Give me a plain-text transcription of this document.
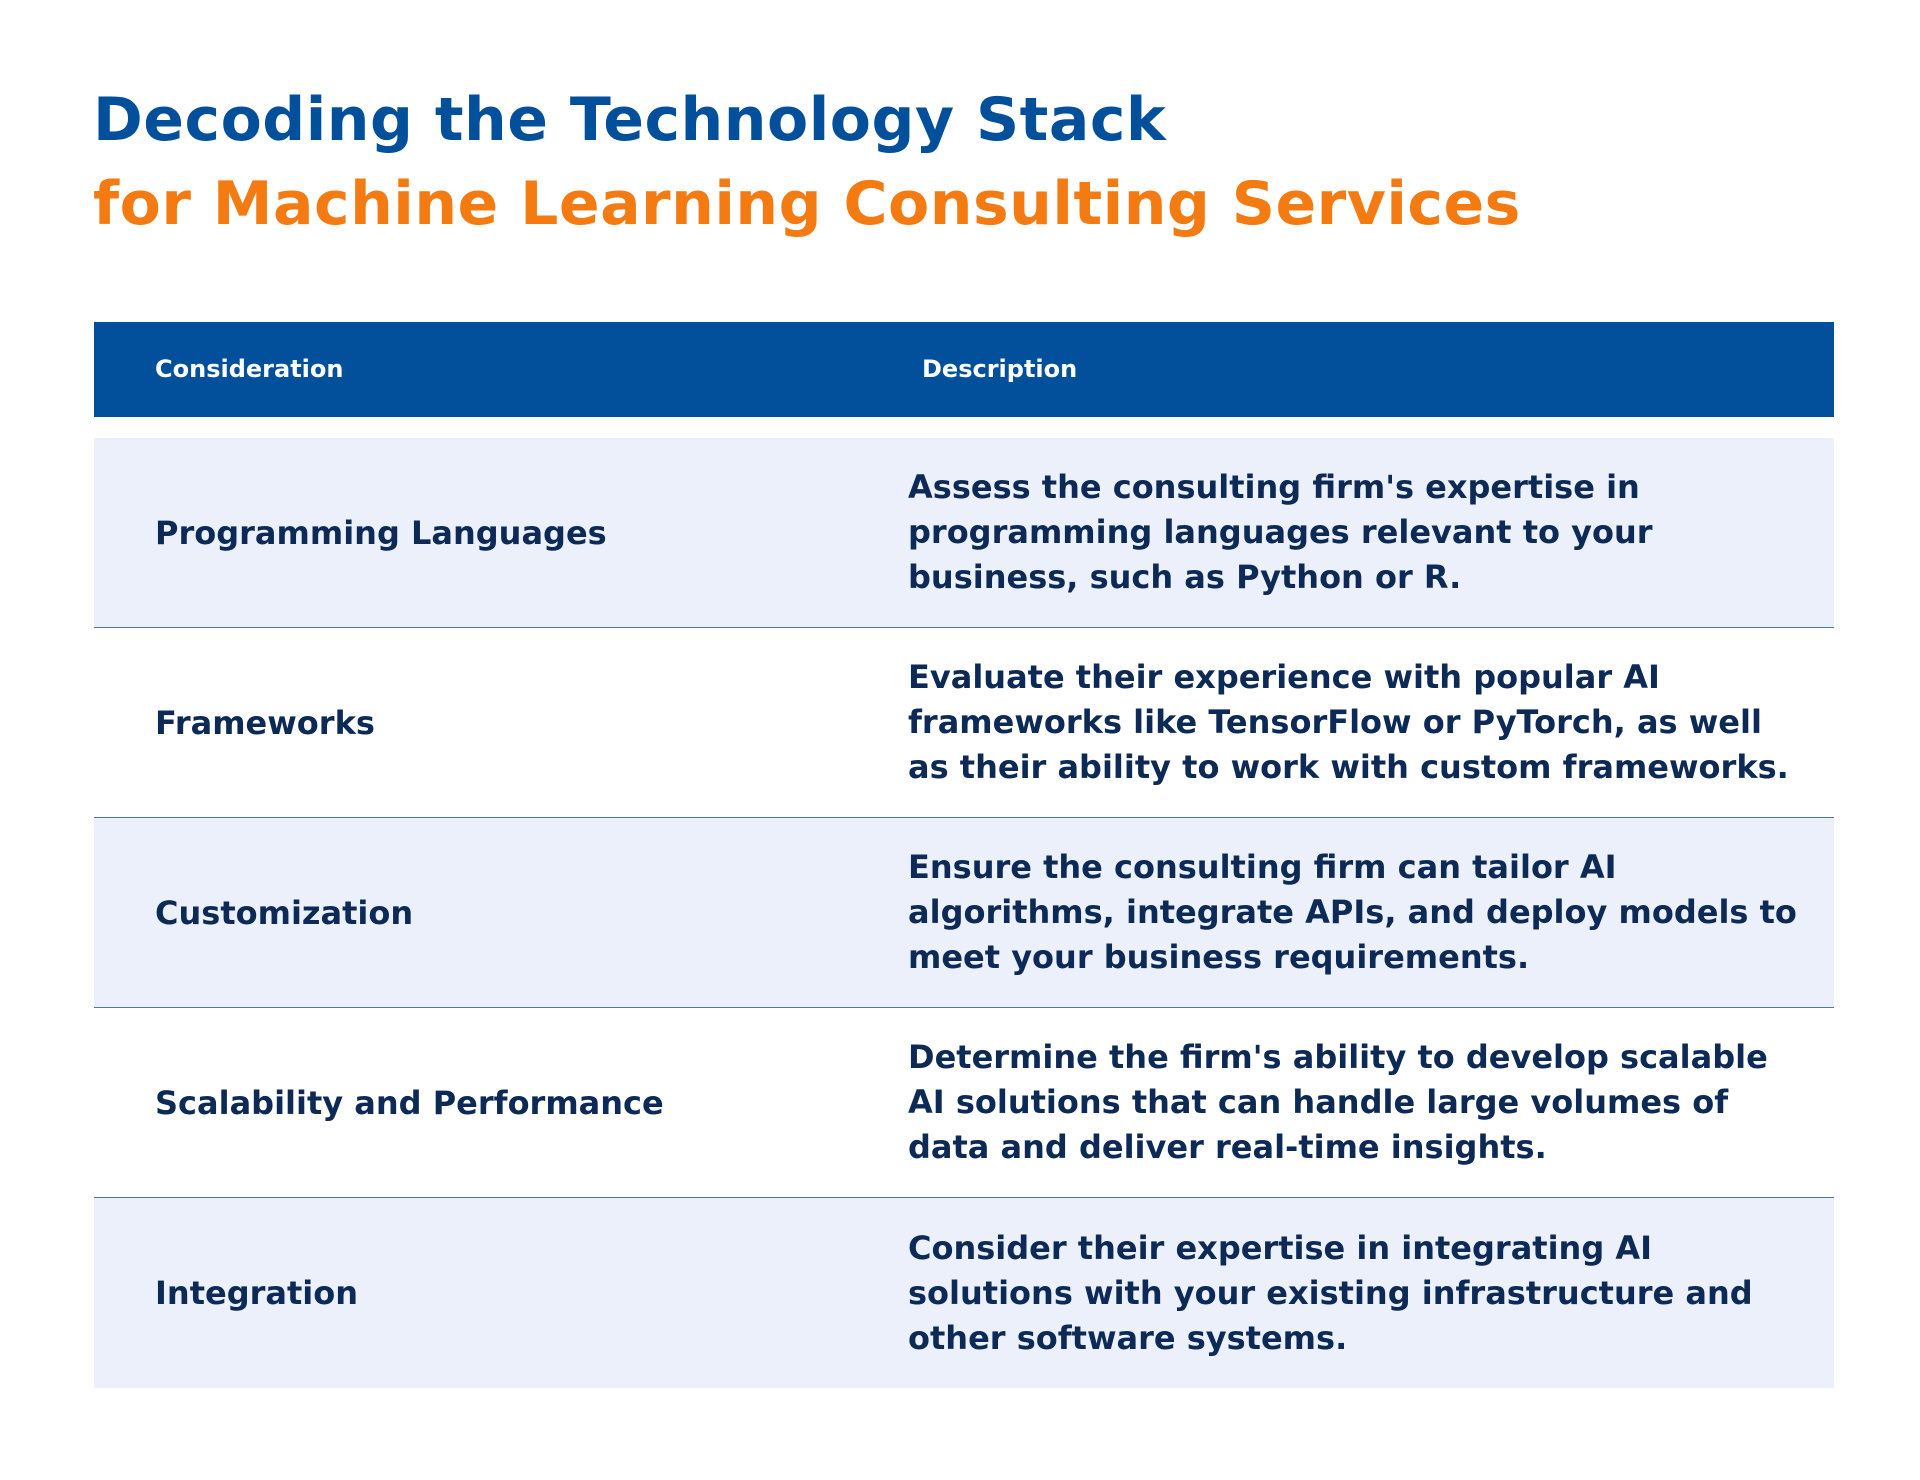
Decoding the Technology Stack
for Machine Learning Consulting Services
Consideration	Description
Programming Languages
Assess the consulting firm's expertise in programming languages relevant to your business, such as Python or R.
Frameworks
Evaluate their experience with popular AI frameworks like TensorFlow or PyTorch, as well as their ability to work with custom frameworks.
Customization
Ensure the consulting firm can tailor AI algorithms, integrate APIs, and deploy models to meet your business requirements.
Scalability and Performance
Determine the firm's ability to develop scalable AI solutions that can handle large volumes of data and deliver real-time insights.
Integration
Consider their expertise in integrating AI solutions with your existing infrastructure and other software systems.
